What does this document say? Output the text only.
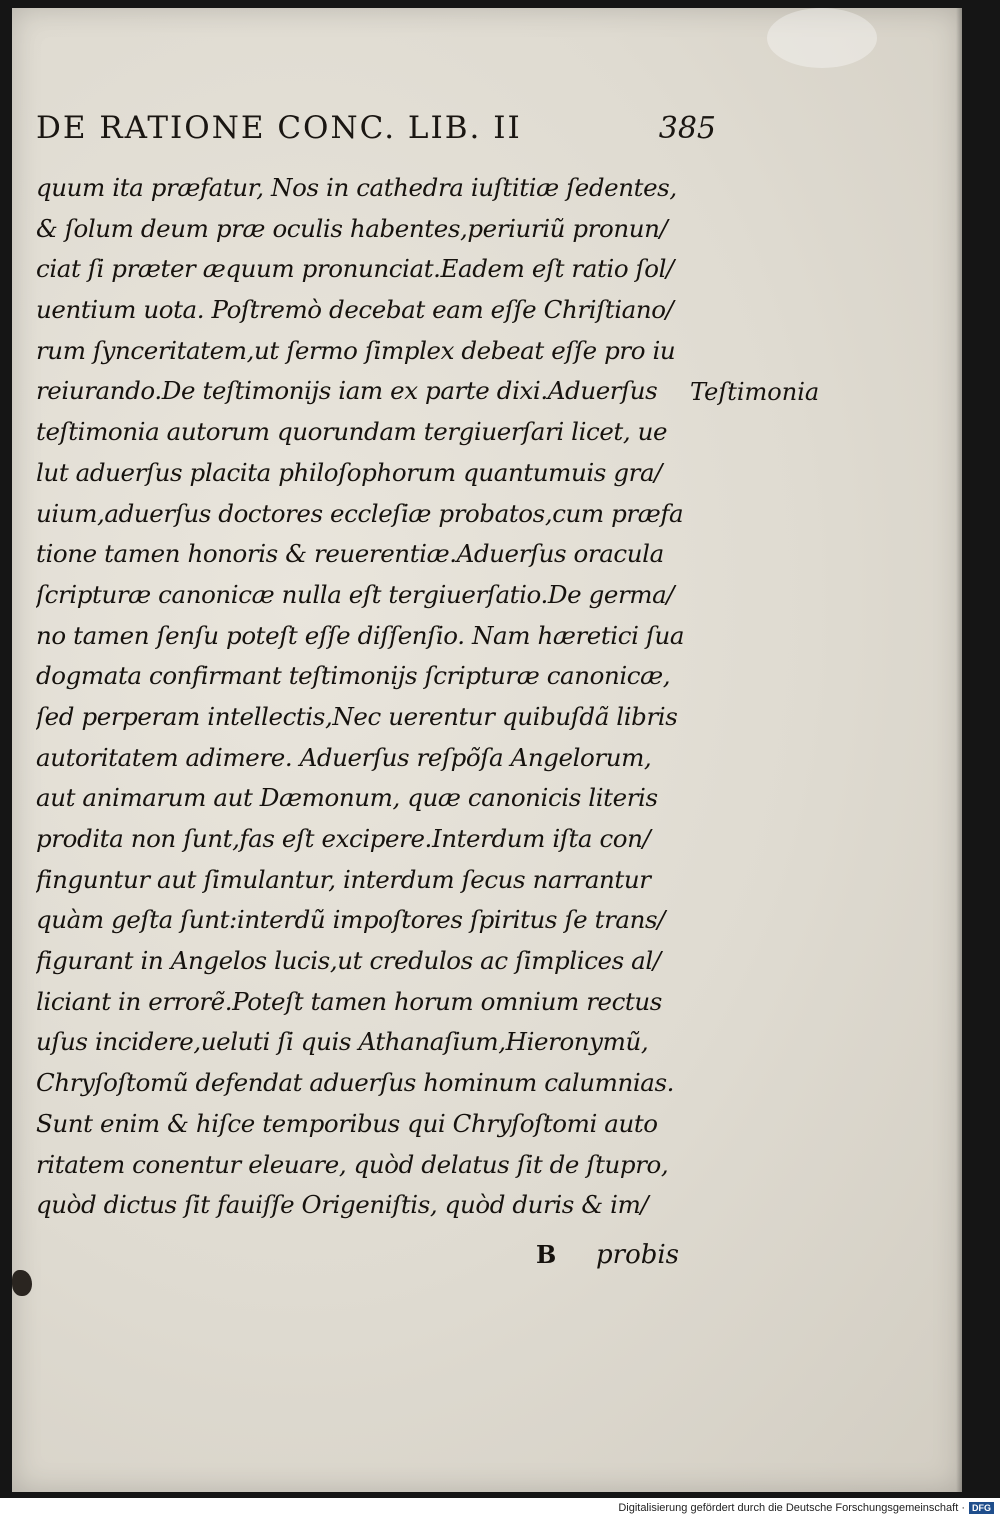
DE RATIONE CONC. LIB. II	385
quum ita præfatur, Nos in cathedra iuſtitiæ ſedentes,
& ſolum deum præ oculis habentes,periuriũ pronun/
ciat ſi præter æquum pronunciat.Eadem eſt ratio ſol/
uentium uota. Poſtremò decebat eam eſſe Chriſtiano/
rum ſynceritatem,ut ſermo ſimplex debeat eſſe pro iu
reiurando.De teſtimonijs iam ex parte dixi.Aduerſus
teſtimonia autorum quorundam tergiuerſari licet, ue
lut aduerſus placita philoſophorum quantumuis gra/
uium,aduerſus doctores eccleſiæ probatos,cum præfa
tione tamen honoris & reuerentiæ.Aduerſus oracula
ſcripturæ canonicæ nulla eſt tergiuerſatio.De germa/
no tamen ſenſu poteſt eſſe diſſenſio. Nam hæretici ſua
dogmata confirmant teſtimonijs ſcripturæ canonicæ,
ſed perperam intellectis,Nec uerentur quibuſdã libris
autoritatem adimere. Aduerſus reſpõſa Angelorum,
aut animarum aut Dæmonum, quæ canonicis literis
prodita non ſunt,fas eſt excipere.Interdum iſta con/
finguntur aut ſimulantur, interdum ſecus narrantur
quàm geſta ſunt:interdũ impoſtores ſpiritus ſe trans/
figurant in Angelos lucis,ut credulos ac ſimplices al/
liciant in errorẽ.Poteſt tamen horum omnium rectus
uſus incidere,ueluti ſi quis Athanaſium,Hieronymũ,
Chryſoſtomũ defendat aduerſus hominum calumnias.
Sunt enim & hiſce temporibus qui Chryſoſtomi auto
ritatem conentur eleuare, quòd delatus ſit de ſtupro,
quòd dictus ſit fauiſſe Origeniſtis, quòd duris & im/
Teſtimonia
B probis
Digitalisierung gefördert durch die Deutsche Forschungsgemeinschaft · DFG
